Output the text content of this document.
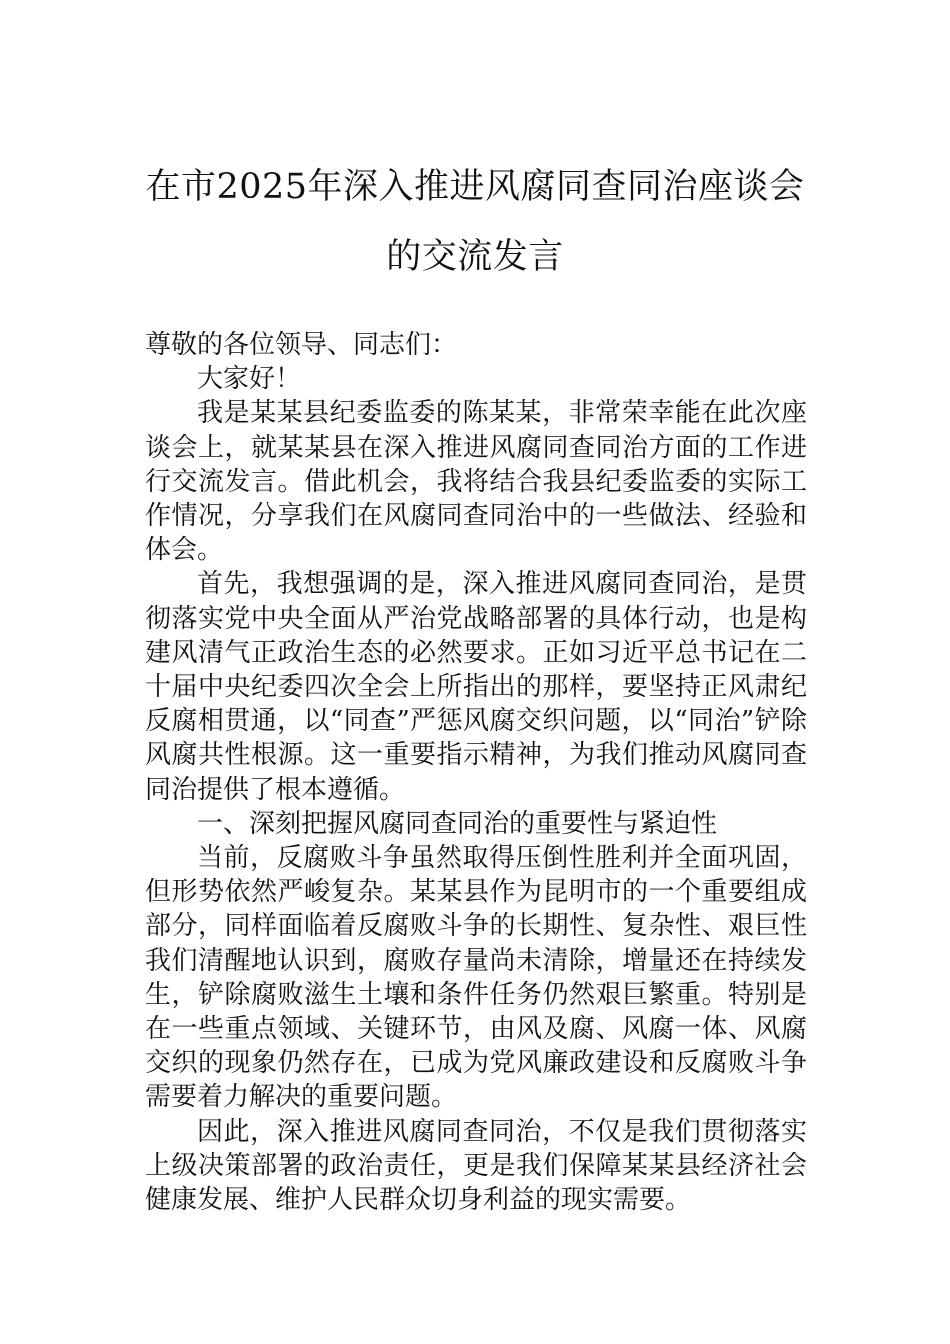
在市2025年深入推进风腐同查同治座谈会
的交流发言

尊敬的各位领导、同志们：

大家好！

我是某某县纪委监委的陈某某，非常荣幸能在此次座谈会上，就某某县在深入推进风腐同查同治方面的工作进行交流发言。借此机会，我将结合我县纪委监委的实际工作情况，分享我们在风腐同查同治中的一些做法、经验和体会。

首先，我想强调的是，深入推进风腐同查同治，是贯彻落实党中央全面从严治党战略部署的具体行动，也是构建风清气正政治生态的必然要求。正如习近平总书记在二十届中央纪委四次全会上所指出的那样，要坚持正风肃纪反腐相贯通，以“同查”严惩风腐交织问题，以“同治”铲除风腐共性根源。这一重要指示精神，为我们推动风腐同查同治提供了根本遵循。

一、深刻把握风腐同查同治的重要性与紧迫性

当前，反腐败斗争虽然取得压倒性胜利并全面巩固，但形势依然严峻复杂。某某县作为昆明市的一个重要组成部分，同样面临着反腐败斗争的长期性、复杂性、艰巨性我们清醒地认识到，腐败存量尚未清除，增量还在持续发生，铲除腐败滋生土壤和条件任务仍然艰巨繁重。特别是在一些重点领域、关键环节，由风及腐、风腐一体、风腐交织的现象仍然存在，已成为党风廉政建设和反腐败斗争需要着力解决的重要问题。

因此，深入推进风腐同查同治，不仅是我们贯彻落实上级决策部署的政治责任，更是我们保障某某县经济社会健康发展、维护人民群众切身利益的现实需要。
